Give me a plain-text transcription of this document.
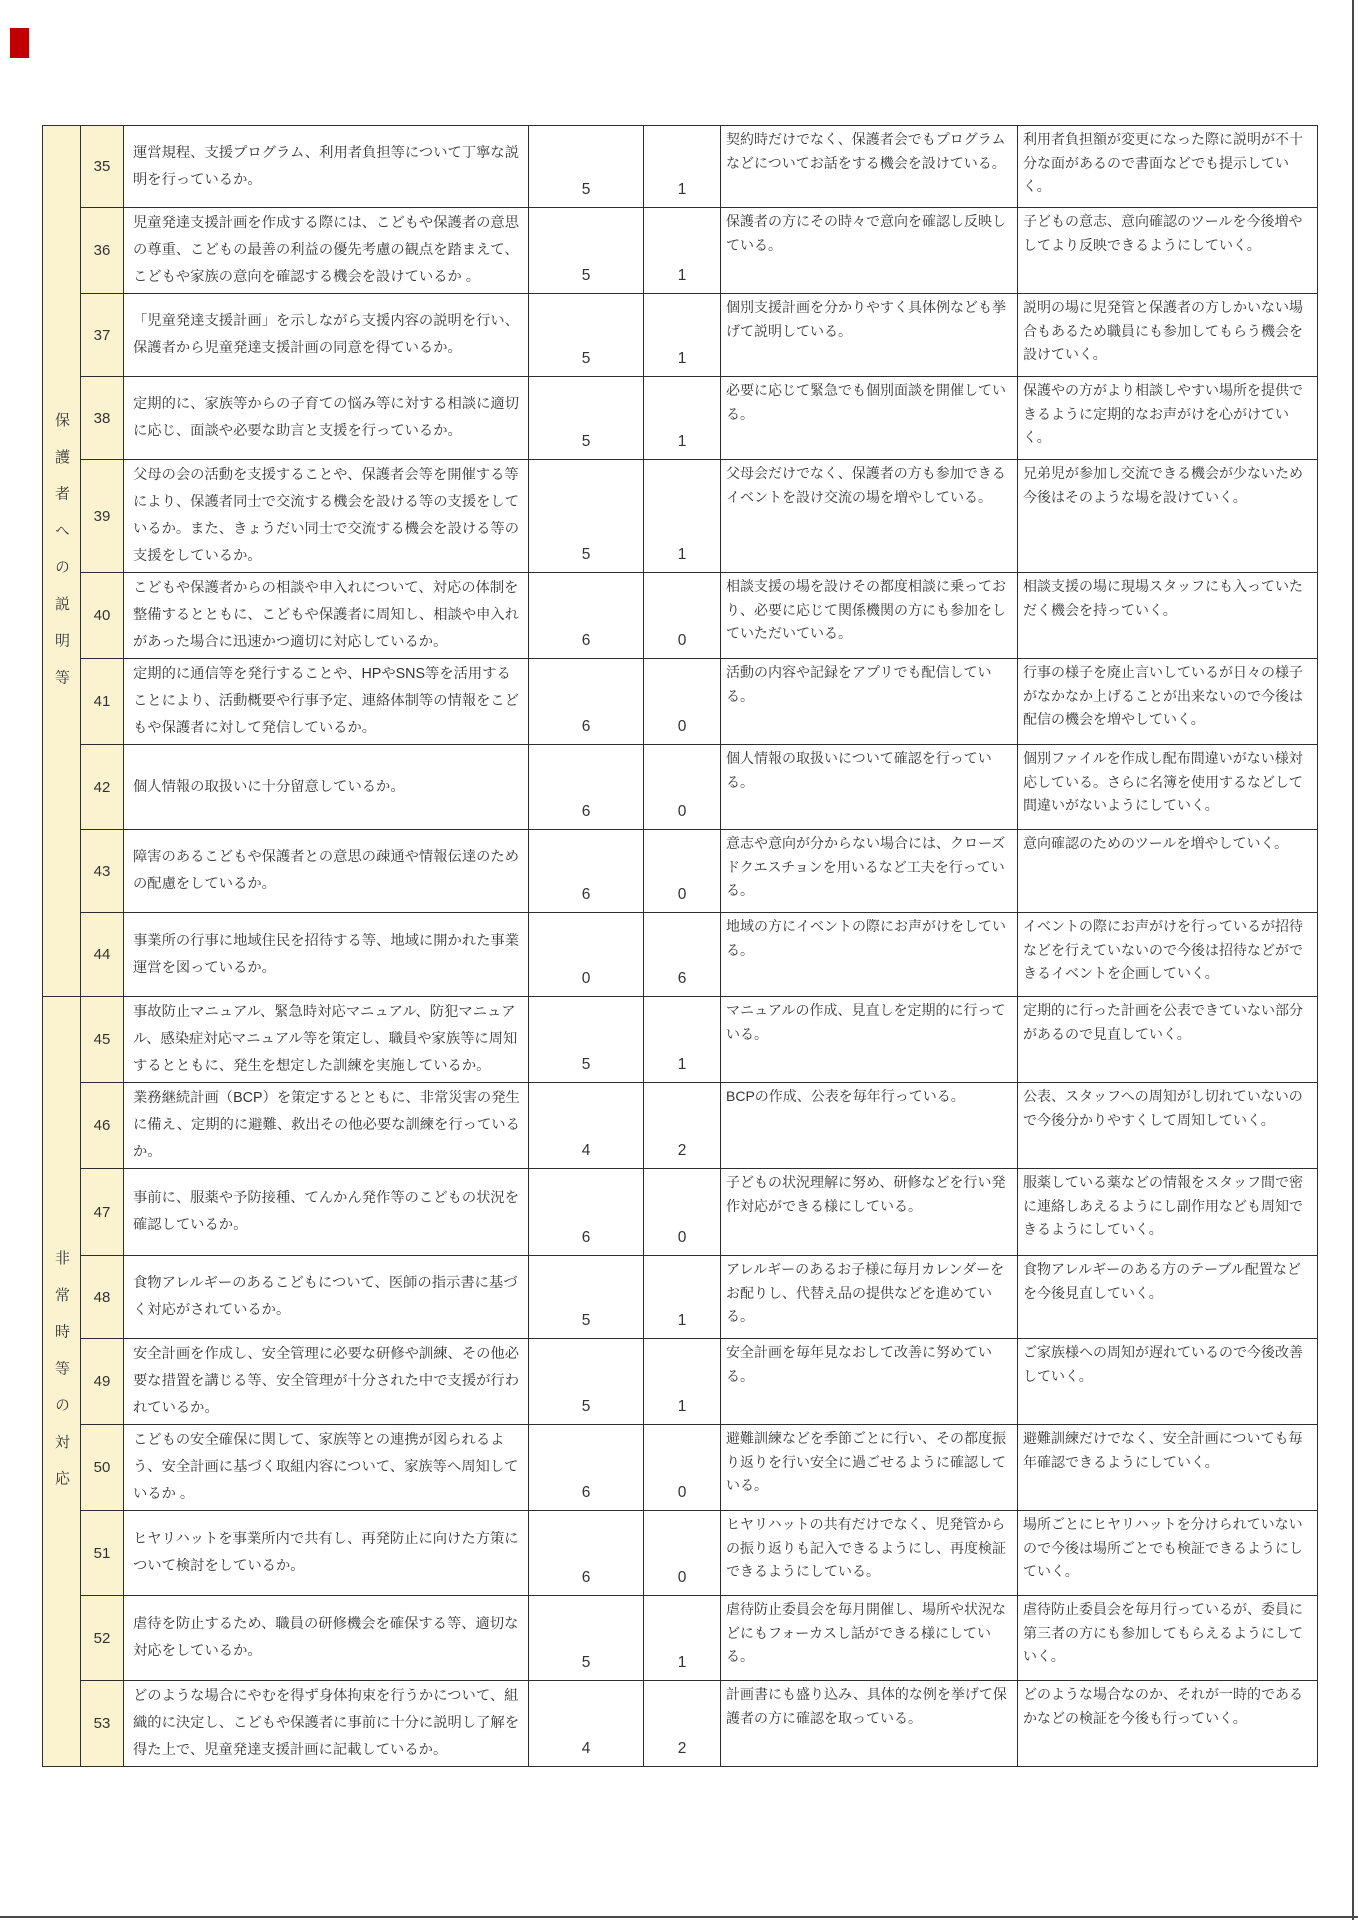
保護者への説明等	35	運営規程、支援プログラム、利用者負担等について丁寧な説明を行っているか。	5	1	契約時だけでなく、保護者会でもプログラムなどについてお話をする機会を設けている。	利用者負担額が変更になった際に説明が不十分な面があるので書面などでも提示していく。
	36	児童発達支援計画を作成する際には、こどもや保護者の意思の尊重、こどもの最善の利益の優先考慮の観点を踏まえて、こどもや家族の意向を確認する機会を設けているか 。	5	1	保護者の方にその時々で意向を確認し反映している。	子どもの意志、意向確認のツールを今後増やしてより反映できるようにしていく。
	37	「児童発達支援計画」を示しながら支援内容の説明を行い、保護者から児童発達支援計画の同意を得ているか。	5	1	個別支援計画を分かりやすく具体例なども挙げて説明している。	説明の場に児発管と保護者の方しかいない場合もあるため職員にも参加してもらう機会を設けていく。
	38	定期的に、家族等からの子育ての悩み等に対する相談に適切に応じ、面談や必要な助言と支援を行っているか。	5	1	必要に応じて緊急でも個別面談を開催している。	保護やの方がより相談しやすい場所を提供できるように定期的なお声がけを心がけていく。
	39	父母の会の活動を支援することや、保護者会等を開催する等により、保護者同士で交流する機会を設ける等の支援をしているか。また、きょうだい同士で交流する機会を設ける等の支援をしているか。	5	1	父母会だけでなく、保護者の方も参加できるイベントを設け交流の場を増やしている。	兄弟児が参加し交流できる機会が少ないため今後はそのような場を設けていく。
	40	こどもや保護者からの相談や申入れについて、対応の体制を整備するとともに、こどもや保護者に周知し、相談や申入れがあった場合に迅速かつ適切に対応しているか。	6	0	相談支援の場を設けその都度相談に乗っており、必要に応じて関係機関の方にも参加をしていただいている。	相談支援の場に現場スタッフにも入っていただく機会を持っていく。
	41	定期的に通信等を発行することや、HPやSNS等を活用することにより、活動概要や行事予定、連絡体制等の情報をこどもや保護者に対して発信しているか。	6	0	活動の内容や記録をアプリでも配信している。	行事の様子を廃止言いしているが日々の様子がなかなか上げることが出来ないので今後は配信の機会を増やしていく。
	42	個人情報の取扱いに十分留意しているか。	6	0	個人情報の取扱いについて確認を行っている。	個別ファイルを作成し配布間違いがない様対応している。さらに名簿を使用するなどして間違いがないようにしていく。
	43	障害のあるこどもや保護者との意思の疎通や情報伝達のための配慮をしているか。	6	0	意志や意向が分からない場合には、クローズドクエスチョンを用いるなど工夫を行っている。	意向確認のためのツールを増やしていく。
	44	事業所の行事に地域住民を招待する等、地域に開かれた事業運営を図っているか。	0	6	地域の方にイベントの際にお声がけをしている。	イベントの際にお声がけを行っているが招待などを行えていないので今後は招待などができるイベントを企画していく。
非常時等の対応	45	事故防止マニュアル、緊急時対応マニュアル、防犯マニュアル、感染症対応マニュアル等を策定し、職員や家族等に周知するとともに、発生を想定した訓練を実施しているか。	5	1	マニュアルの作成、見直しを定期的に行っている。	定期的に行った計画を公表できていない部分があるので見直していく。
	46	業務継続計画（BCP）を策定するとともに、非常災害の発生に備え、定期的に避難、救出その他必要な訓練を行っているか。	4	2	BCPの作成、公表を毎年行っている。	公表、スタッフへの周知がし切れていないので今後分かりやすくして周知していく。
	47	事前に、服薬や予防接種、てんかん発作等のこどもの状況を確認しているか。	6	0	子どもの状況理解に努め、研修などを行い発作対応ができる様にしている。	服薬している薬などの情報をスタッフ間で密に連絡しあえるようにし副作用なども周知できるようにしていく。
	48	食物アレルギーのあるこどもについて、医師の指示書に基づく対応がされているか。	5	1	アレルギーのあるお子様に毎月カレンダーをお配りし、代替え品の提供などを進めている。	食物アレルギーのある方のテーブル配置などを今後見直していく。
	49	安全計画を作成し、安全管理に必要な研修や訓練、その他必要な措置を講じる等、安全管理が十分された中で支援が行われているか。	5	1	安全計画を毎年見なおして改善に努めている。	ご家族様への周知が遅れているので今後改善していく。
	50	こどもの安全確保に関して、家族等との連携が図られるよう、安全計画に基づく取組内容について、家族等へ周知しているか 。	6	0	避難訓練などを季節ごとに行い、その都度振り返りを行い安全に過ごせるように確認している。	避難訓練だけでなく、安全計画についても毎年確認できるようにしていく。
	51	ヒヤリハットを事業所内で共有し、再発防止に向けた方策について検討をしているか。	6	0	ヒヤリハットの共有だけでなく、児発管からの振り返りも記入できるようにし、再度検証できるようにしている。	場所ごとにヒヤリハットを分けられていないので今後は場所ごとでも検証できるようにしていく。
	52	虐待を防止するため、職員の研修機会を確保する等、適切な対応をしているか。	5	1	虐待防止委員会を毎月開催し、場所や状況などにもフォーカスし話ができる様にしている。	虐待防止委員会を毎月行っているが、委員に第三者の方にも参加してもらえるようにしていく。
	53	どのような場合にやむを得ず身体拘束を行うかについて、組織的に決定し、こどもや保護者に事前に十分に説明し了解を得た上で、児童発達支援計画に記載しているか。	4	2	計画書にも盛り込み、具体的な例を挙げて保護者の方に確認を取っている。	どのような場合なのか、それが一時的であるかなどの検証を今後も行っていく。
